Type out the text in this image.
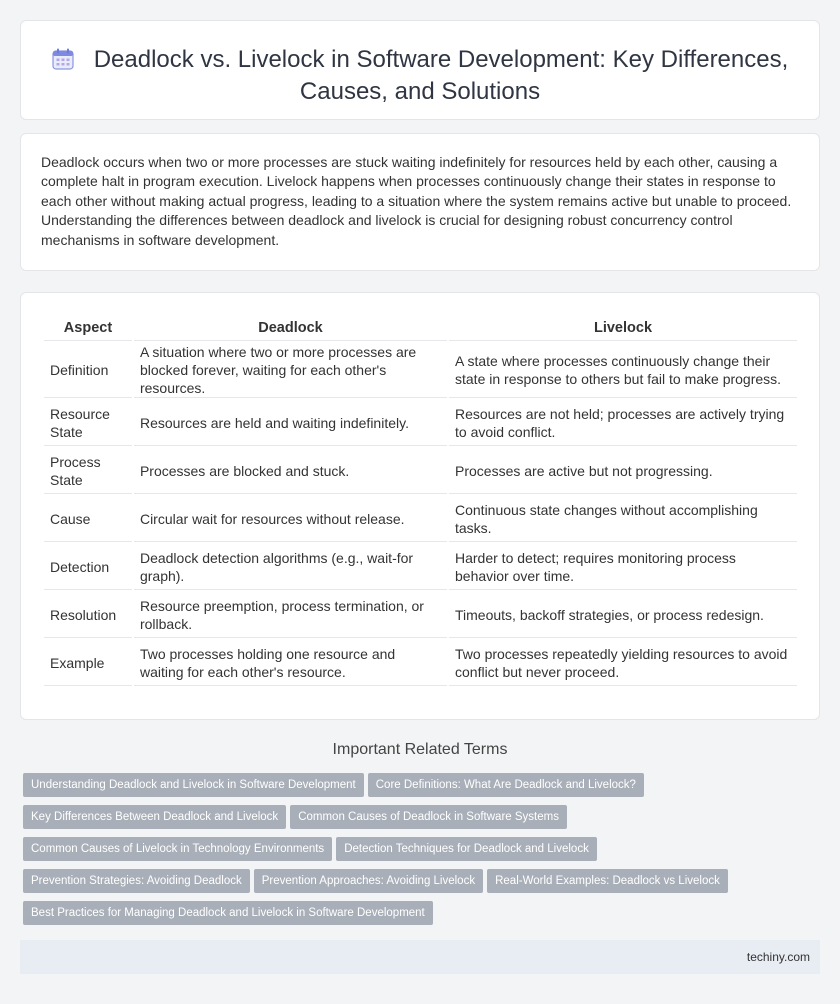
Deadlock vs. Livelock in Software Development: Key Differences, Causes, and Solutions

Deadlock occurs when two or more processes are stuck waiting indefinitely for resources held by each other, causing a complete halt in program execution. Livelock happens when processes continuously change their states in response to each other without making actual progress, leading to a situation where the system remains active but unable to proceed. Understanding the differences between deadlock and livelock is crucial for designing robust concurrency control mechanisms in software development.

Aspect	Deadlock	Livelock
Definition	A situation where two or more processes are blocked forever, waiting for each other's resources.	A state where processes continuously change their state in response to others but fail to make progress.
Resource State	Resources are held and waiting indefinitely.	Resources are not held; processes are actively trying to avoid conflict.
Process State	Processes are blocked and stuck.	Processes are active but not progressing.
Cause	Circular wait for resources without release.	Continuous state changes without accomplishing tasks.
Detection	Deadlock detection algorithms (e.g., wait-for graph).	Harder to detect; requires monitoring process behavior over time.
Resolution	Resource preemption, process termination, or rollback.	Timeouts, backoff strategies, or process redesign.
Example	Two processes holding one resource and waiting for each other's resource.	Two processes repeatedly yielding resources to avoid conflict but never proceed.
Important Related Terms
Understanding Deadlock and Livelock in Software Development Core Definitions: What Are Deadlock and Livelock?
Key Differences Between Deadlock and Livelock Common Causes of Deadlock in Software Systems
Common Causes of Livelock in Technology Environments Detection Techniques for Deadlock and Livelock
Prevention Strategies: Avoiding Deadlock Prevention Approaches: Avoiding Livelock Real-World Examples: Deadlock vs Livelock
Best Practices for Managing Deadlock and Livelock in Software Development
techiny.com
